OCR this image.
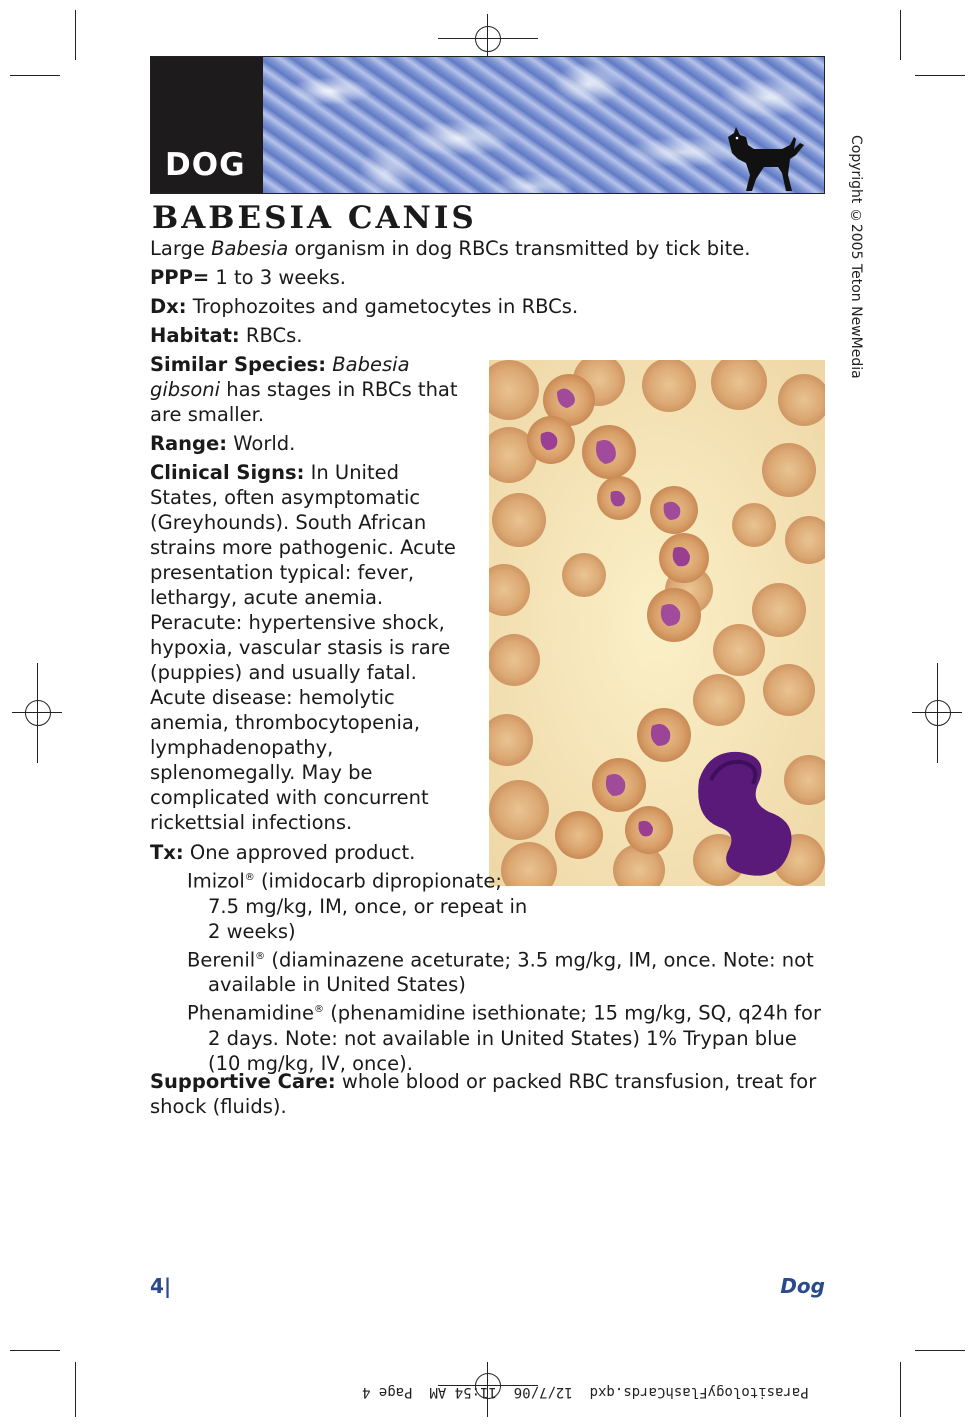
DOG	Copyright ©2005 Teton NewMedia
BABESIA CANIS
Large Babesia organism in dog RBCs transmitted by tick bite.
PPP= 1 to 3 weeks.
Dx: Trophozoites and gametocytes in RBCs.
Habitat: RBCs.

Similar Species: Babesia gibsoni has stages in RBCs that are smaller.

Range: World.

Clinical Signs: In United States, often asymptomatic (Greyhounds). South African strains more pathogenic. Acute presentation typical: fever, lethargy, acute anemia. Peracute: hypertensive shock, hypoxia, vascular stasis is rare (puppies) and usually fatal. Acute disease: hemolytic anemia, thrombocytopenia, lymphadenopathy, splenomegally. May be complicated with concurrent rickettsial infections.

Tx: One approved product.
Imizol® (imidocarb dipropionate; 7.5 mg/kg, IM, once, or repeat in 2 weeks)
Berenil® (diaminazene aceturate; 3.5 mg/kg, IM, once. Note: not available in United States)
Phenamidine® (phenamidine isethionate; 15 mg/kg, SQ, q24h for 2 days. Note: not available in United States) 1% Trypan blue (10 mg/kg, IV, once).
Supportive Care: whole blood or packed RBC transfusion, treat for shock (fluids).
4|	Dog
ParasitologyFlashCards.qxd  12/7/06  11:54 AM  Page 4
